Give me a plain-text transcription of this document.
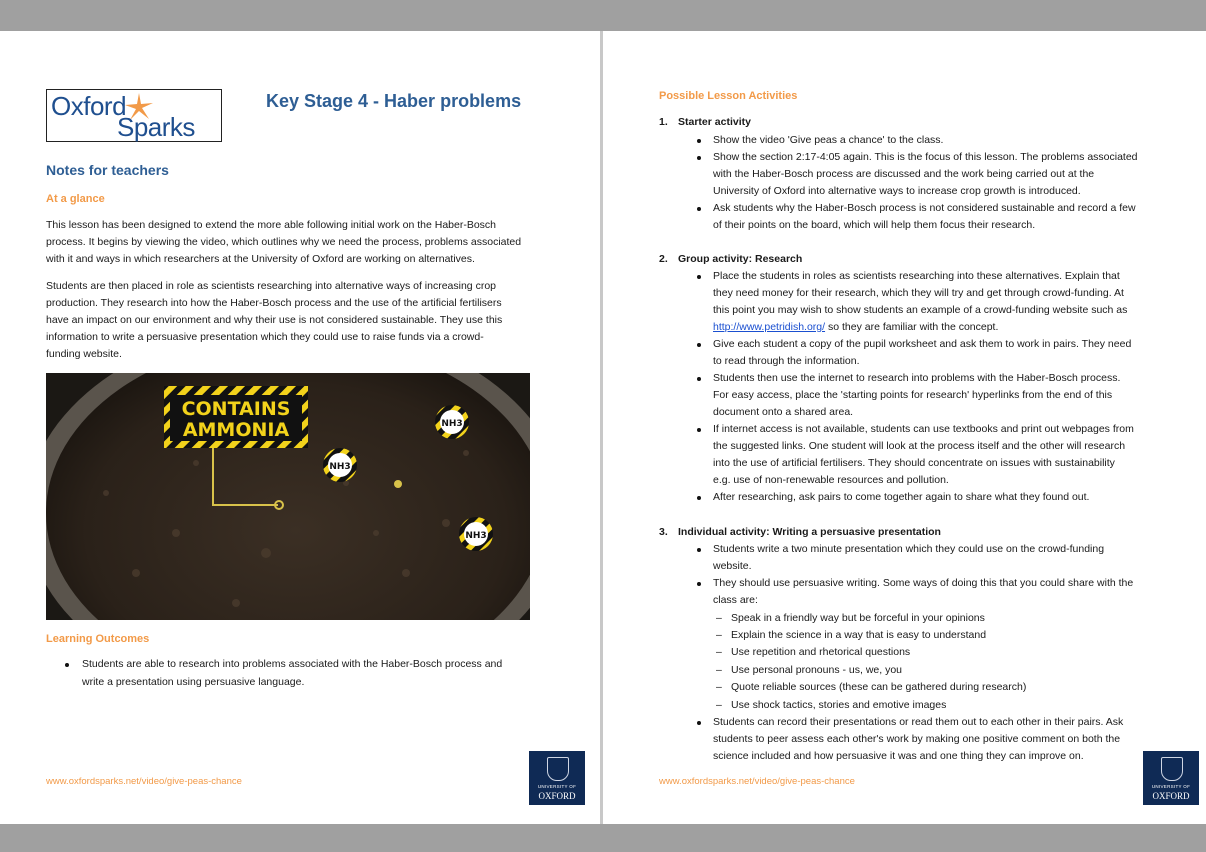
Oxford
Sparks
Key Stage 4 - Haber problems
Notes for teachers
At a glance
This lesson has been designed to extend the more able following initial work on the Haber-Bosch
process. It begins by viewing the video, which outlines why we need the process, problems associated
with it and ways in which researchers at the University of Oxford are working on alternatives.
Students are then placed in role as scientists researching into alternative ways of increasing crop
production. They research into how the Haber-Bosch process and the use of the artificial fertilisers
have an impact on our environment and why their use is not considered sustainable. They use this
information to write a persuasive presentation which they could use to raise funds via a crowd-
funding website.
CONTAINS
AMMONIA
NH3
NH3
NH3
Learning Outcomes
Students are able to research into problems associated with the Haber-Bosch process and
write a presentation using persuasive language.
www.oxfordsparks.net/video/give-peas-chance	UNIVERSITY OF
OXFORD
Possible Lesson Activities
1. Starter activity
Show the video 'Give peas a chance' to the class.
Show the section 2:17-4:05 again. This is the focus of this lesson. The problems associated
with the Haber-Bosch process are discussed and the work being carried out at the
University of Oxford into alternative ways to increase crop growth is introduced.
Ask students why the Haber-Bosch process is not considered sustainable and record a few
of their points on the board, which will help them focus their research.
2. Group activity: Research
Place the students in roles as scientists researching into these alternatives. Explain that
they need money for their research, which they will try and get through crowd-funding. At
this point you may wish to show students an example of a crowd-funding website such as
http://www.petridish.org/ so they are familiar with the concept.
Give each student a copy of the pupil worksheet and ask them to work in pairs. They need
to read through the information.
Students then use the internet to research into problems with the Haber-Bosch process.
For easy access, place the 'starting points for research' hyperlinks from the end of this
document onto a shared area.
If internet access is not available, students can use textbooks and print out webpages from
the suggested links. One student will look at the process itself and the other will research
into the use of artificial fertilisers. They should concentrate on issues with sustainability
e.g. use of non-renewable resources and pollution.
After researching, ask pairs to come together again to share what they found out.
3. Individual activity: Writing a persuasive presentation
Students write a two minute presentation which they could use on the crowd-funding
website.
They should use persuasive writing. Some ways of doing this that you could share with the
class are:
– Speak in a friendly way but be forceful in your opinions
– Explain the science in a way that is easy to understand
– Use repetition and rhetorical questions
– Use personal pronouns - us, we, you
– Quote reliable sources (these can be gathered during research)
– Use shock tactics, stories and emotive images
Students can record their presentations or read them out to each other in their pairs. Ask
students to peer assess each other's work by making one positive comment on both the
science included and how persuasive it was and one thing they can improve on.
www.oxfordsparks.net/video/give-peas-chance	UNIVERSITY OF
OXFORD
